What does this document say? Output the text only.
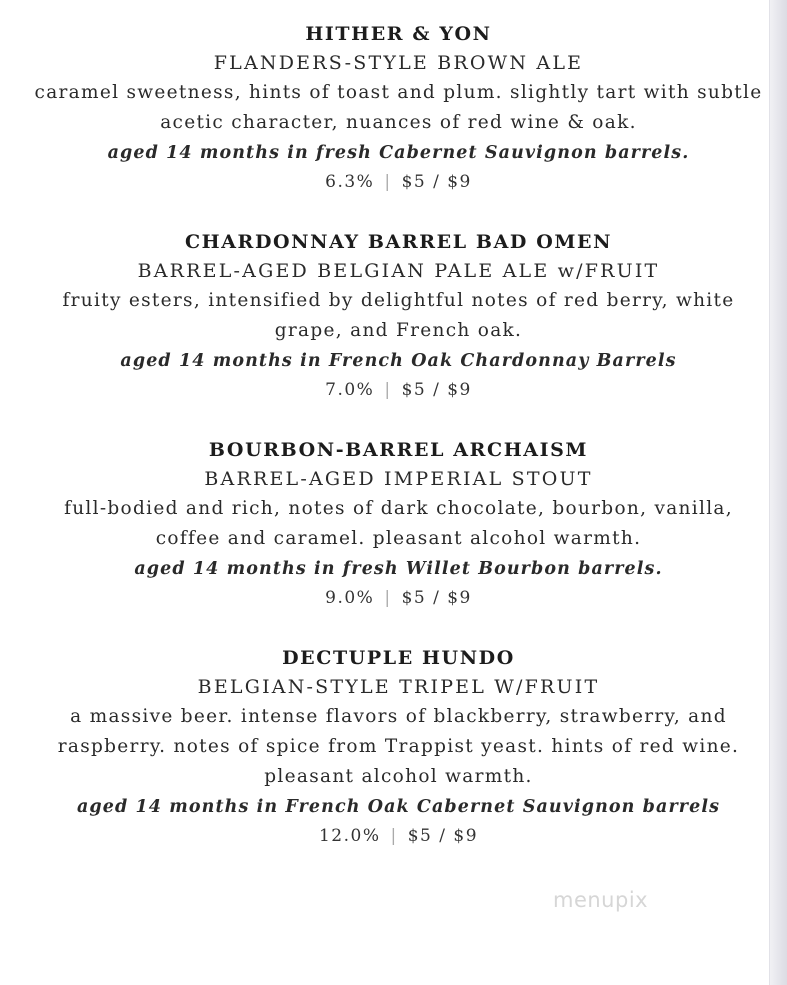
HITHER & YON
FLANDERS-STYLE BROWN ALE
caramel sweetness, hints of toast and plum. slightly tart with subtle acetic character, nuances of red wine & oak.
aged 14 months in fresh Cabernet Sauvignon barrels.
6.3% | $5 / $9
CHARDONNAY BARREL BAD OMEN
BARREL-AGED BELGIAN PALE ALE w/FRUIT
fruity esters, intensified by delightful notes of red berry, white grape, and French oak.
aged 14 months in French Oak Chardonnay Barrels
7.0% | $5 / $9
BOURBON-BARREL ARCHAISM
BARREL-AGED IMPERIAL STOUT
full-bodied and rich, notes of dark chocolate, bourbon, vanilla, coffee and caramel. pleasant alcohol warmth.
aged 14 months in fresh Willet Bourbon barrels.
9.0% | $5 / $9
DECTUPLE HUNDO
BELGIAN-STYLE TRIPEL W/FRUIT
a massive beer. intense flavors of blackberry, strawberry, and raspberry. notes of spice from Trappist yeast. hints of red wine. pleasant alcohol warmth.
aged 14 months in French Oak Cabernet Sauvignon barrels
12.0% | $5 / $9
menupix
